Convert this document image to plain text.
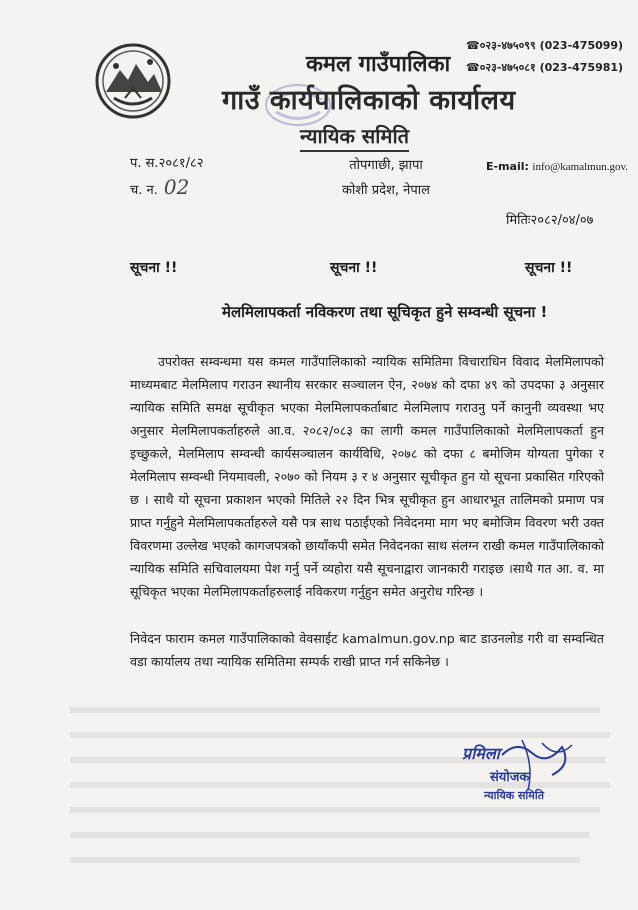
कमल गाउँपालिका
गाउँ कार्यपालिकाको कार्यालय
न्यायिक समिति
☎०२३-४७५०९९ (023-475099)
☎०२३-४७५०८१ (023-475981)
E-mail: info@kamalmun.gov.
प. स.२०८१/८२
च. न. 02
तोपगाछी, झापा
कोशी प्रदेश, नेपाल
मितिः२०८२/०४/०७
सूचना !!	सूचना !!	सूचना !!
मेलमिलापकर्ता नविकरण तथा सूचिकृत हुने सम्वन्धी सूचना !

उपरोक्त सम्वन्धमा यस कमल गाउँपालिकाको न्यायिक समितिमा विचाराधिन विवाद मेलमिलापको माध्यमबाट मेलमिलाप गराउन स्थानीय सरकार सञ्चालन ऐन, २०७४ को दफा ४९ को उपदफा ३ अनुसार न्यायिक समिति समक्ष सूचीकृत भएका मेलमिलापकर्ताबाट मेलमिलाप गराउनु पर्ने कानुनी व्यवस्था भए अनुसार मेलमिलापकर्ताहरुले आ.व. २०८२/०८३ का लागी कमल गाउँपालिकाको मेलमिलापकर्ता हुन इच्छुकले, मेलमिलाप सम्वन्धी कार्यसञ्चालन कार्यविधि, २०७८ को दफा ८ बमोजिम योग्यता पुगेका र मेलमिलाप सम्वन्धी नियमावली, २०७० को नियम ३ र ४ अनुसार सूचीकृत हुन यो सूचना प्रकासित गरिएको छ । साथै यो सूचना प्रकाशन भएको मितिले २२ दिन भित्र सूचीकृत हुन आधारभूत तालिमको प्रमाण पत्र प्राप्त गर्नुहुने मेलमिलापकर्ताहरुले यसै पत्र साथ पठाईएको निवेदनमा माग भए बमोजिम विवरण भरी उक्त विवरणमा उल्लेख भएको कागजपत्रको छायाँकपी समेत निवेदनका साथ संलग्न राखी कमल गाउँपालिकाको न्यायिक समिति सचिवालयमा पेश गर्नु पर्ने व्यहोरा यसै सूचनाद्वारा जानकारी गराइछ ।साथै गत आ. व. मा सूचिकृत भएका मेलमिलापकर्ताहरुलाई नविकरण गर्नुहुन समेत अनुरोध गरिन्छ ।

निवेदन फाराम कमल गाउँपालिकाको वेवसाईट kamalmun.gov.np बाट डाउनलोड गरी वा सम्वन्धित वडा कार्यालय तथा न्यायिक समितिमा सम्पर्क राखी प्राप्त गर्न सकिनेछ ।

प्रमिला
संयोजक
न्यायिक समिति
